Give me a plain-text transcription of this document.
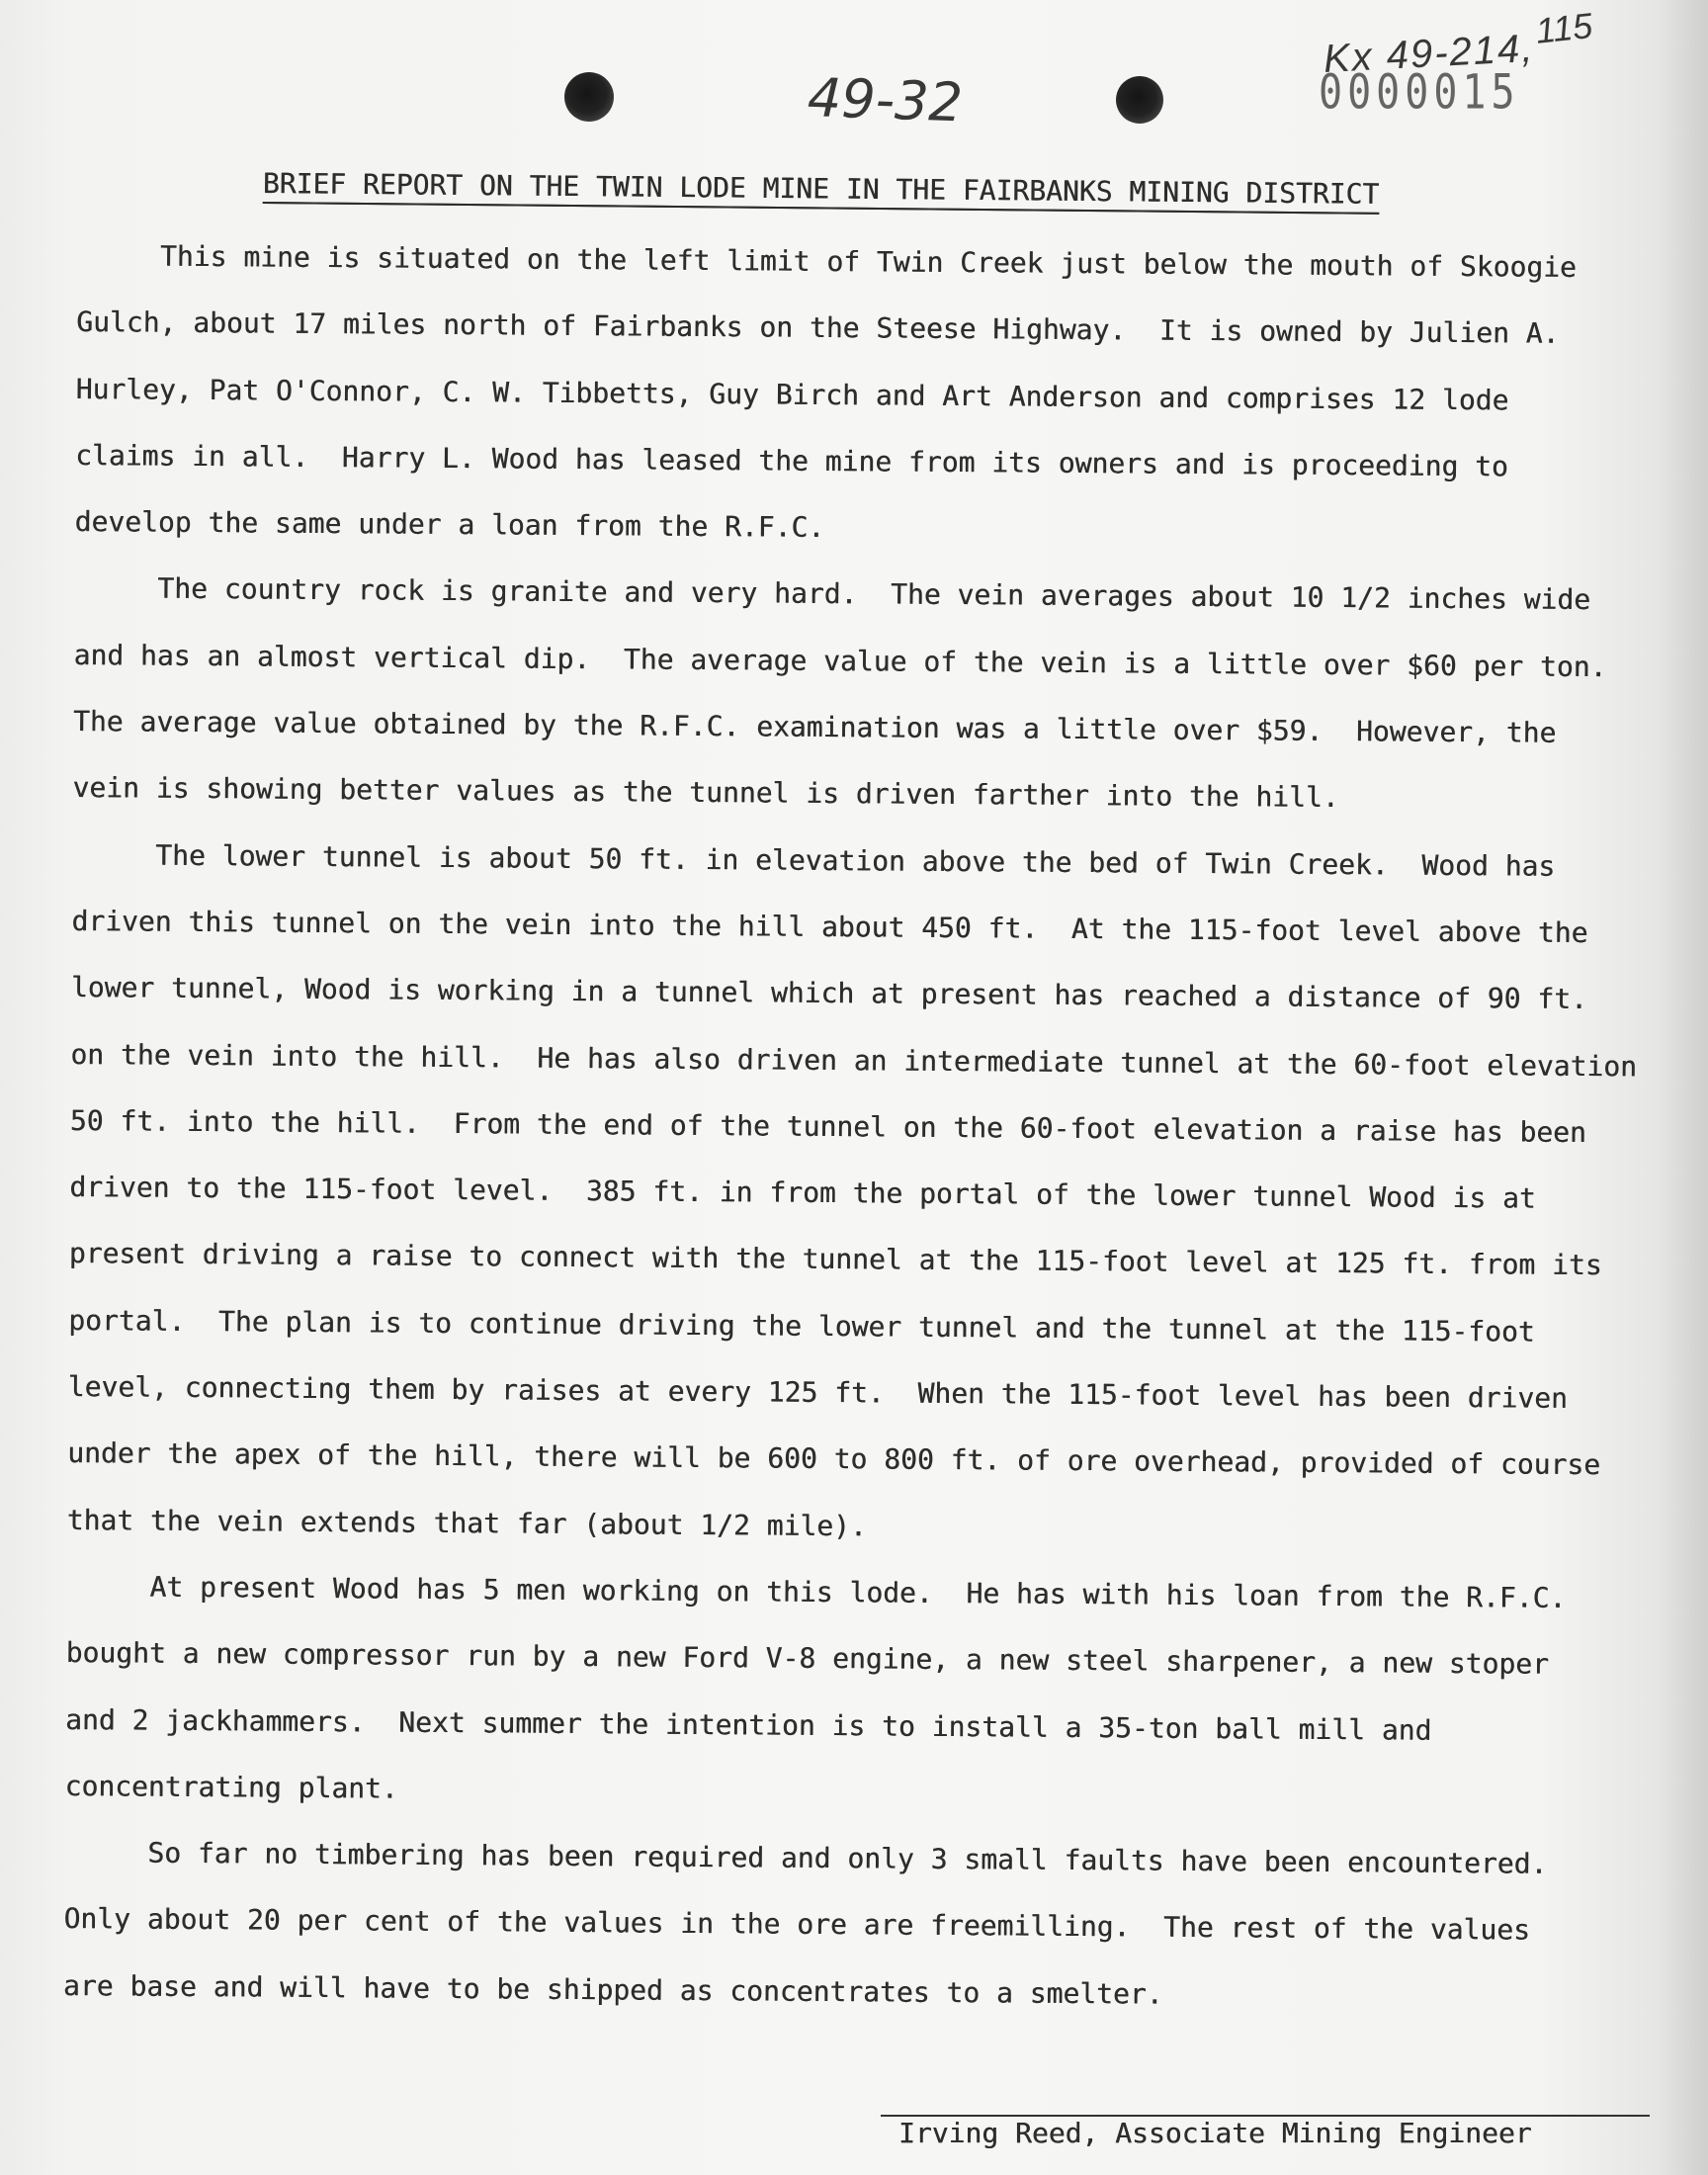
49-32	0000015
Kx 49-214,
115
BRIEF REPORT ON THE TWIN LODE MINE IN THE FAIRBANKS MINING DISTRICT
This mine is situated on the left limit of Twin Creek just below the mouth of Skoogie
Gulch, about 17 miles north of Fairbanks on the Steese Highway.  It is owned by Julien A.
Hurley, Pat O'Connor, C. W. Tibbetts, Guy Birch and Art Anderson and comprises 12 lode
claims in all.  Harry L. Wood has leased the mine from its owners and is proceeding to
develop the same under a loan from the R.F.C.
The country rock is granite and very hard.  The vein averages about 10 1/2 inches wide
and has an almost vertical dip.  The average value of the vein is a little over $60 per ton.
The average value obtained by the R.F.C. examination was a little over $59.  However, the
vein is showing better values as the tunnel is driven farther into the hill.
The lower tunnel is about 50 ft. in elevation above the bed of Twin Creek.  Wood has
driven this tunnel on the vein into the hill about 450 ft.  At the 115-foot level above the
lower tunnel, Wood is working in a tunnel which at present has reached a distance of 90 ft.
on the vein into the hill.  He has also driven an intermediate tunnel at the 60-foot elevation
50 ft. into the hill.  From the end of the tunnel on the 60-foot elevation a raise has been
driven to the 115-foot level.  385 ft. in from the portal of the lower tunnel Wood is at
present driving a raise to connect with the tunnel at the 115-foot level at 125 ft. from its
portal.  The plan is to continue driving the lower tunnel and the tunnel at the 115-foot
level, connecting them by raises at every 125 ft.  When the 115-foot level has been driven
under the apex of the hill, there will be 600 to 800 ft. of ore overhead, provided of course
that the vein extends that far (about 1/2 mile).
At present Wood has 5 men working on this lode.  He has with his loan from the R.F.C.
bought a new compressor run by a new Ford V-8 engine, a new steel sharpener, a new stoper
and 2 jackhammers.  Next summer the intention is to install a 35-ton ball mill and
concentrating plant.
So far no timbering has been required and only 3 small faults have been encountered.
Only about 20 per cent of the values in the ore are freemilling.  The rest of the values
are base and will have to be shipped as concentrates to a smelter.
Irving Reed, Associate Mining Engineer
